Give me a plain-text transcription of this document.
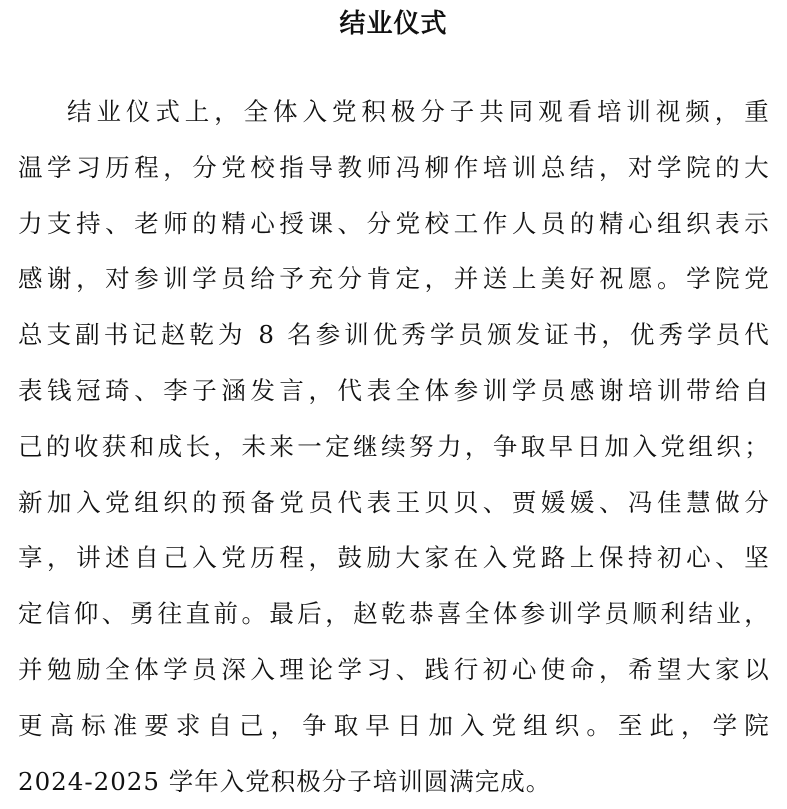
结业仪式
结业仪式上，全体入党积极分子共同观看培训视频，重
温学习历程，分党校指导教师冯柳作培训总结，对学院的大
力支持、老师的精心授课、分党校工作人员的精心组织表示
感谢，对参训学员给予充分肯定，并送上美好祝愿。学院党
总支副书记赵乾为 8 名参训优秀学员颁发证书，优秀学员代
表钱冠琦、李子涵发言，代表全体参训学员感谢培训带给自
己的收获和成长，未来一定继续努力，争取早日加入党组织；
新加入党组织的预备党员代表王贝贝、贾媛媛、冯佳慧做分
享，讲述自己入党历程，鼓励大家在入党路上保持初心、坚
定信仰、勇往直前。最后，赵乾恭喜全体参训学员顺利结业，
并勉励全体学员深入理论学习、践行初心使命，希望大家以
更高标准要求自己，争取早日加入党组织。至此，学院
2024-2025 学年入党积极分子培训圆满完成。
